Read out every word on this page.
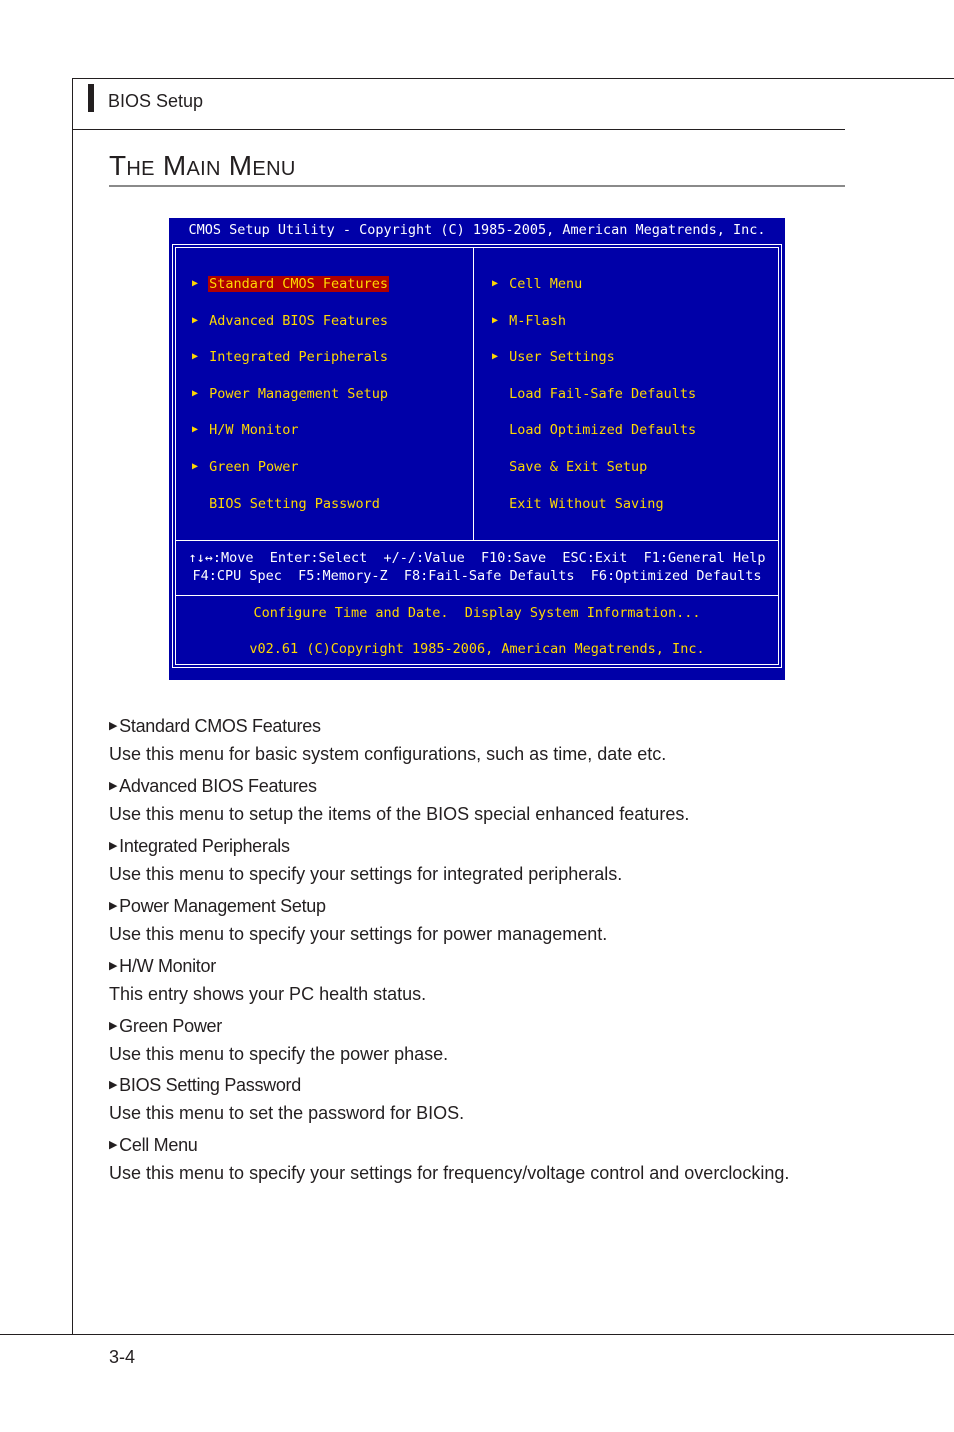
BIOS Setup
The Main Menu
CMOS Setup Utility - Copyright (C) 1985-2005, American Megatrends, Inc.
▶ Standard CMOS Features
▶ Advanced BIOS Features
▶ Integrated Peripherals
▶ Power Management Setup
▶ H/W Monitor
▶ Green Power
BIOS Setting Password
▶ Cell Menu
▶ M-Flash
▶ User Settings
Load Fail-Safe Defaults
Load Optimized Defaults
Save & Exit Setup
Exit Without Saving
↑↓↔:Move  Enter:Select  +/-/:Value  F10:Save  ESC:Exit  F1:General Help
F4:CPU Spec  F5:Memory-Z  F8:Fail-Safe Defaults  F6:Optimized Defaults
Configure Time and Date.  Display System Information...
v02.61 (C)Copyright 1985-2006, American Megatrends, Inc.
▶ Standard CMOS Features
Use this menu for basic system configurations, such as time, date etc.
▶ Advanced BIOS Features
Use this menu to setup the items of the BIOS special enhanced features.
▶ Integrated Peripherals
Use this menu to specify your settings for integrated peripherals.
▶ Power Management Setup
Use this menu to specify your settings for power management.
▶ H/W Monitor
This entry shows your PC health status.
▶ Green Power
Use this menu to specify the power phase.
▶ BIOS Setting Password
Use this menu to set the password for BIOS.
▶ Cell Menu
Use this menu to specify your settings for frequency/voltage control and overclocking.
3-4
